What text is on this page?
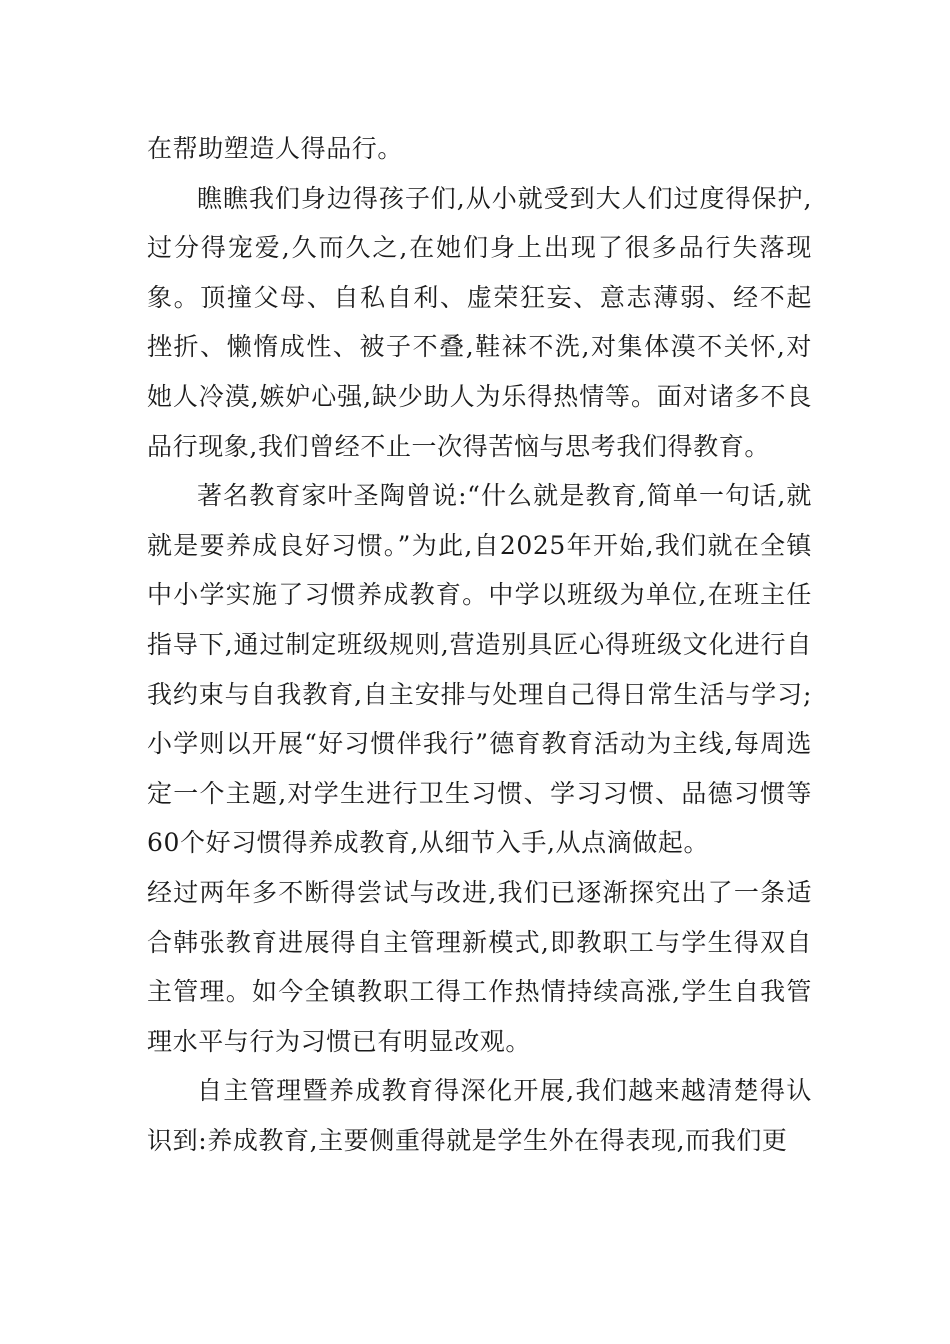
在帮助塑造人得品行。

瞧瞧我们身边得孩子们,从小就受到大人们过度得保护,过分得宠爱,久而久之,在她们身上出现了很多品行失落现象。顶撞父母、自私自利、虚荣狂妄、意志薄弱、经不起挫折、懒惰成性、被子不叠,鞋袜不洗,对集体漠不关怀,对她人冷漠,嫉妒心强,缺少助人为乐得热情等。面对诸多不良品行现象,我们曾经不止一次得苦恼与思考我们得教育。

著名教育家叶圣陶曾说:“什么就是教育,简单一句话,就就是要养成良好习惯。”为此,自2025年开始,我们就在全镇中小学实施了习惯养成教育。中学以班级为单位,在班主任指导下,通过制定班级规则,营造别具匠心得班级文化进行自我约束与自我教育,自主安排与处理自己得日常生活与学习;小学则以开展“好习惯伴我行”德育教育活动为主线,每周选定一个主题,对学生进行卫生习惯、学习习惯、品德习惯等60个好习惯得养成教育,从细节入手,从点滴做起。

经过两年多不断得尝试与改进,我们已逐渐探究出了一条适合韩张教育进展得自主管理新模式,即教职工与学生得双自主管理。如今全镇教职工得工作热情持续高涨,学生自我管理水平与行为习惯已有明显改观。

自主管理暨养成教育得深化开展,我们越来越清楚得认识到:养成教育,主要侧重得就是学生外在得表现,而我们更
